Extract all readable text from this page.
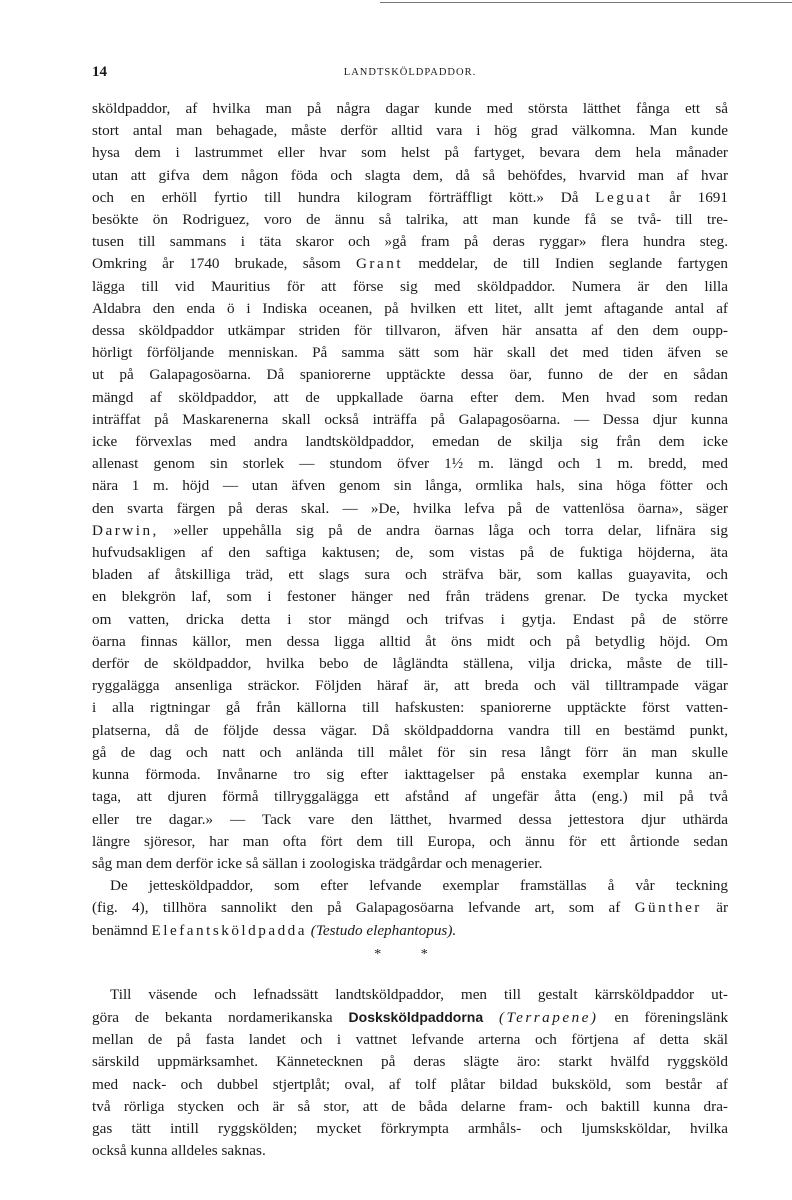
14	LANDTSKÖLDPADDOR.

sköldpaddor, af hvilka man på några dagar kunde med största lätthet fånga ett så
stort antal man behagade, måste derför alltid vara i hög grad välkomna. Man kunde
hysa dem i lastrummet eller hvar som helst på fartyget, bevara dem hela månader
utan att gifva dem någon föda och slagta dem, då så behöfdes, hvarvid man af hvar
och en erhöll fyrtio till hundra kilogram förträffligt kött.» Då Leguat år 1691
besökte ön Rodriguez, voro de ännu så talrika, att man kunde få se två- till tre-
tusen till sammans i täta skaror och »gå fram på deras ryggar» flera hundra steg.
Omkring år 1740 brukade, såsom Grant meddelar, de till Indien seglande fartygen
lägga till vid Mauritius för att förse sig med sköldpaddor. Numera är den lilla
Aldabra den enda ö i Indiska oceanen, på hvilken ett litet, allt jemt aftagande antal af
dessa sköldpaddor utkämpar striden för tillvaron, äfven här ansatta af den dem oupp-
hörligt förföljande menniskan. På samma sätt som här skall det med tiden äfven se
ut på Galapagosöarna. Då spaniorerne upptäckte dessa öar, funno de der en sådan
mängd af sköldpaddor, att de uppkallade öarna efter dem. Men hvad som redan
inträffat på Maskarenerna skall också inträffa på Galapagosöarna. — Dessa djur kunna
icke förvexlas med andra landtsköldpaddor, emedan de skilja sig från dem icke
allenast genom sin storlek — stundom öfver 1½ m. längd och 1 m. bredd, med
nära 1 m. höjd — utan äfven genom sin långa, ormlika hals, sina höga fötter och
den svarta färgen på deras skal. — »De, hvilka lefva på de vattenlösa öarna», säger
Darwin, »eller uppehålla sig på de andra öarnas låga och torra delar, lifnära sig
hufvudsakligen af den saftiga kaktusen; de, som vistas på de fuktiga höjderna, äta
bladen af åtskilliga träd, ett slags sura och sträfva bär, som kallas guayavita, och
en blekgrön laf, som i festoner hänger ned från trädens grenar. De tycka mycket
om vatten, dricka detta i stor mängd och trifvas i gytja. Endast på de större
öarna finnas källor, men dessa ligga alltid åt öns midt och på betydlig höjd. Om
derför de sköldpaddor, hvilka bebo de lågländta ställena, vilja dricka, måste de till-
ryggalägga ansenliga sträckor. Följden häraf är, att breda och väl tilltrampade vägar
i alla rigtningar gå från källorna till hafskusten: spaniorerne upptäckte först vatten-
platserna, då de följde dessa vägar. Då sköldpaddorna vandra till en bestämd punkt,
gå de dag och natt och anlända till målet för sin resa långt förr än man skulle
kunna förmoda. Invånarne tro sig efter iakttagelser på enstaka exemplar kunna an-
taga, att djuren förmå tillryggalägga ett afstånd af ungefär åtta (eng.) mil på två
eller tre dagar.» — Tack vare den lätthet, hvarmed dessa jettestora djur uthärda
längre sjöresor, har man ofta fört dem till Europa, och ännu för ett årtionde sedan
såg man dem derför icke så sällan i zoologiska trädgårdar och menagerier.

De jettesköldpaddor, som efter lefvande exemplar framställas å vår teckning
(fig. 4), tillhöra sannolikt den på Galapagosöarna lefvande art, som af Günther är
benämnd Elefantsköldpadda (Testudo elephantopus).

* *

Till väsende och lefnadssätt landtsköldpaddor, men till gestalt kärrsköldpaddor ut-
göra de bekanta nordamerikanska Dosksköldpaddorna (Terrapene) en föreningslänk
mellan de på fasta landet och i vattnet lefvande arterna och förtjena af detta skäl
särskild uppmärksamhet. Kännetecknen på deras slägte äro: starkt hvälfd ryggsköld
med nack- och dubbel stjertplåt; oval, af tolf plåtar bildad buksköld, som består af
två rörliga stycken och är så stor, att de båda delarne fram- och baktill kunna dra-
gas tätt intill ryggskölden; mycket förkrympta armhåls- och ljumsksköldar, hvilka
också kunna alldeles saknas.
